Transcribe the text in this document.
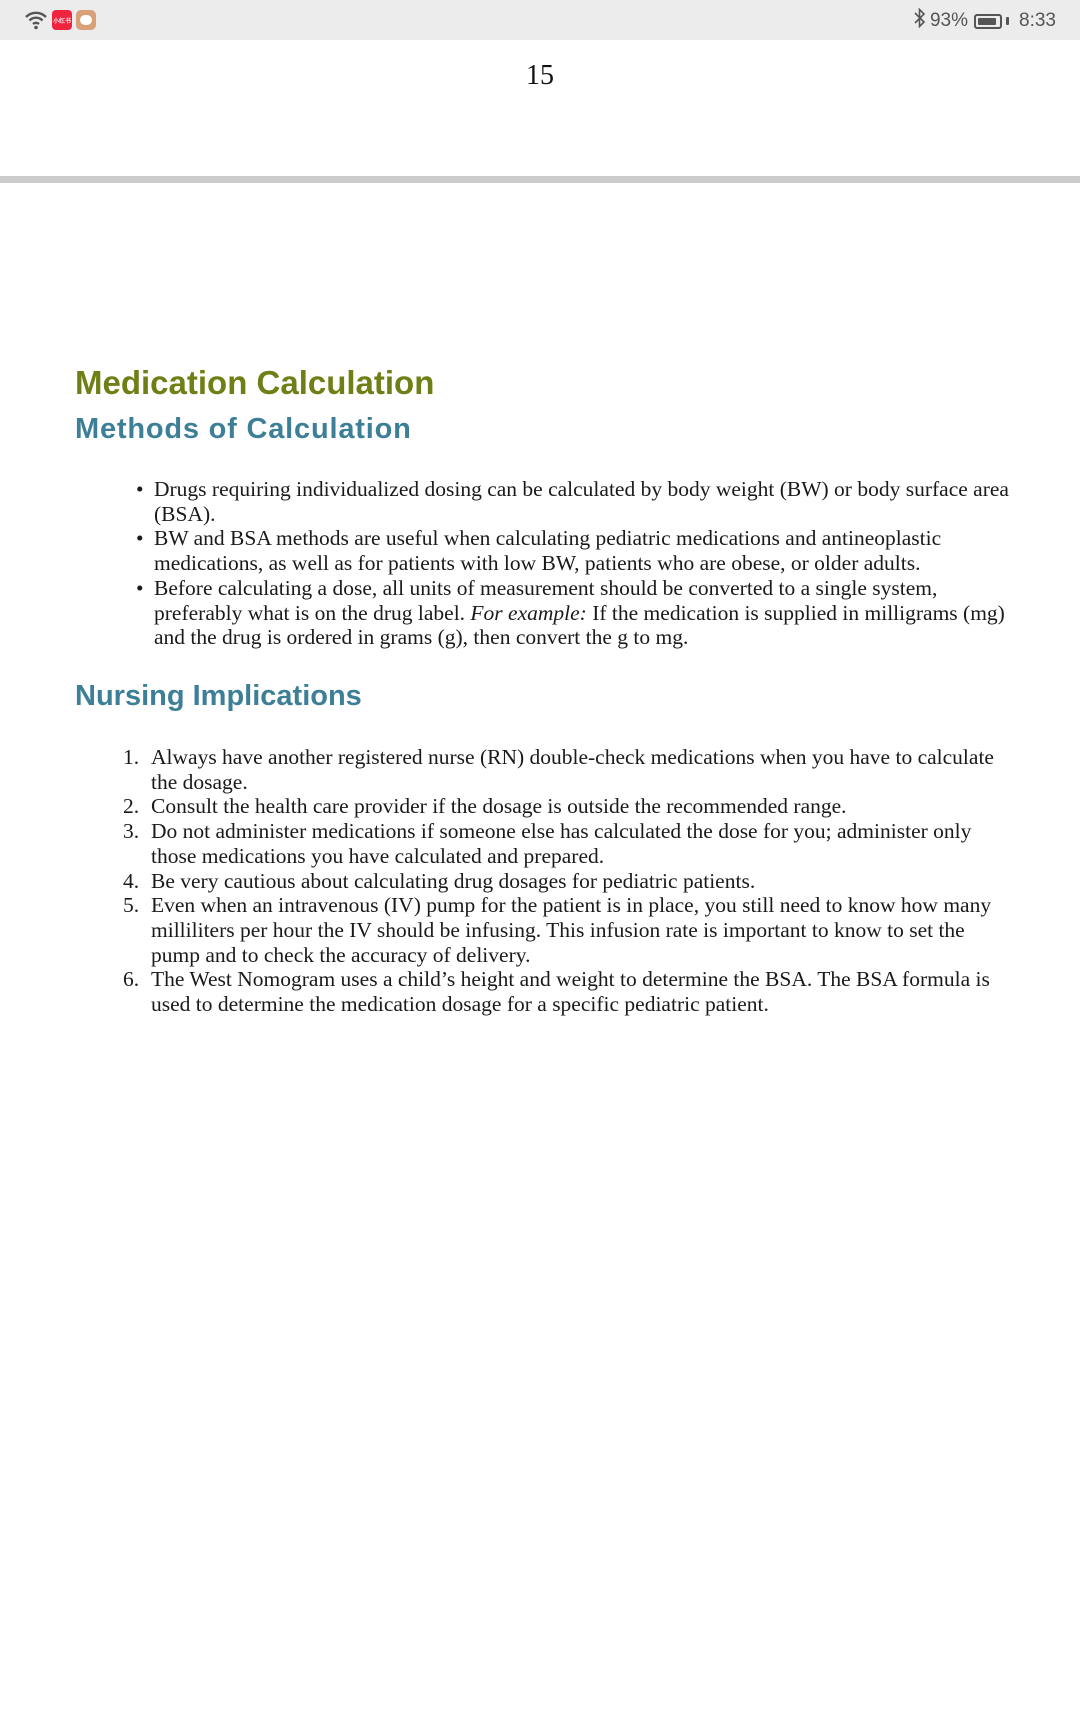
小红书	93%	8:33
15
Medication Calculation
Methods of Calculation
• Drugs requiring individualized dosing can be calculated by body weight (BW) or body surface area (BSA).
• BW and BSA methods are useful when calculating pediatric medications and antineoplastic medications, as well as for patients with low BW, patients who are obese, or older adults.
• Before calculating a dose, all units of measurement should be converted to a single system, preferably what is on the drug label. For example: If the medication is supplied in milligrams (mg) and the drug is ordered in grams (g), then convert the g to mg.
Nursing Implications
1. Always have another registered nurse (RN) double-check medications when you have to calculate the dosage.
2. Consult the health care provider if the dosage is outside the recommended range.
3. Do not administer medications if someone else has calculated the dose for you; administer only those medications you have calculated and prepared.
4. Be very cautious about calculating drug dosages for pediatric patients.
5. Even when an intravenous (IV) pump for the patient is in place, you still need to know how many milliliters per hour the IV should be infusing. This infusion rate is important to know to set the pump and to check the accuracy of delivery.
6. The West Nomogram uses a child’s height and weight to determine the BSA. The BSA formula is used to determine the medication dosage for a specific pediatric patient.
